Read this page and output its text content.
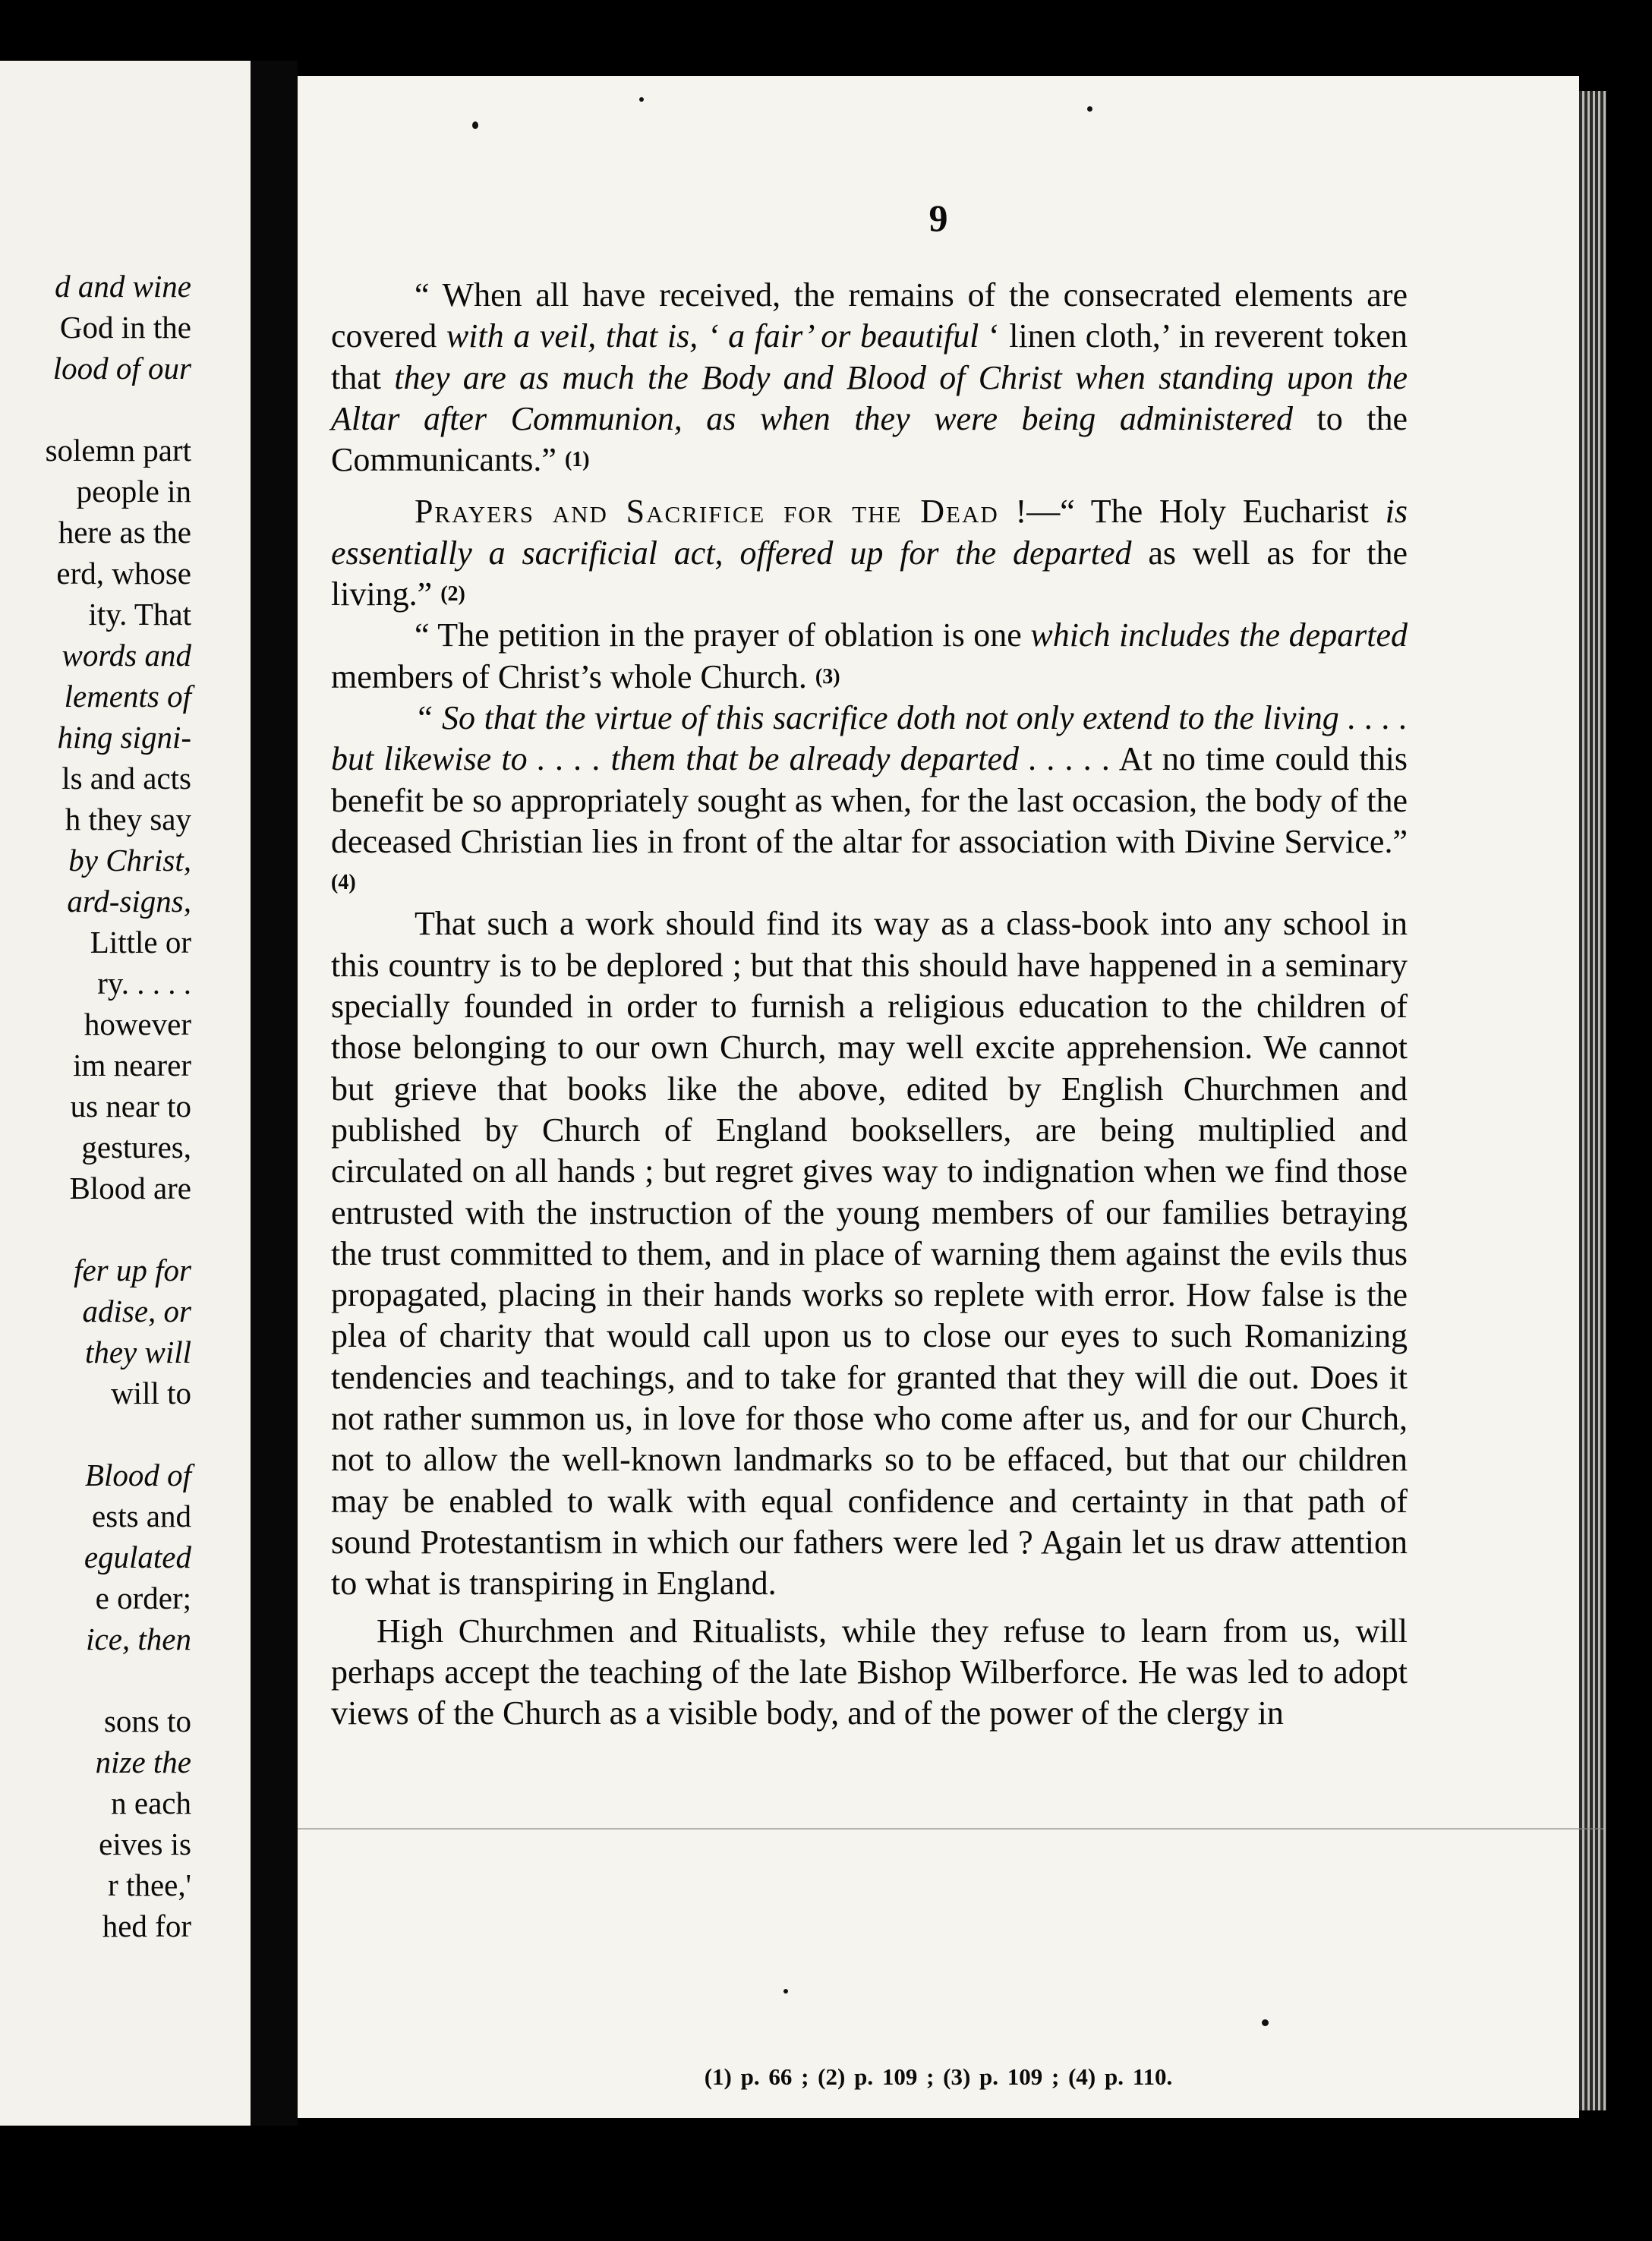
d and wine
God in the
lood of our
solemn part
people in
here as the
erd, whose
ity. That
words and
lements of
hing signi-
ls and acts
h they say
by Christ,
ard-signs,
Little or
ry. . . . .
however
im nearer
us near to
gestures,
Blood are
fer up for
adise, or
they will
will to
Blood of
ests and
egulated
e order;
ice, then
sons to
nize the
n each
eives is
r thee,'
hed for
9

“ When all have received, the remains of the consecrated elements are covered with a veil, that is, ‘ a fair’ or beautiful ‘ linen cloth,’ in reverent token that they are as much the Body and Blood of Christ when standing upon the Altar after Communion, as when they were being administered to the Communicants.” (1)

Prayers and Sacrifice for the Dead !—“ The Holy Eucharist is essentially a sacrificial act, offered up for the departed as well as for the living.” (2)

“ The petition in the prayer of oblation is one which includes the departed members of Christ’s whole Church. (3)

“ So that the virtue of this sacrifice doth not only extend to the living . . . . but likewise to . . . . them that be already departed . . . . . At no time could this benefit be so appropriately sought as when, for the last occasion, the body of the deceased Christian lies in front of the altar for association with Divine Service.” (4)

That such a work should find its way as a class-book into any school in this country is to be deplored ; but that this should have happened in a seminary specially founded in order to furnish a religious education to the children of those belonging to our own Church, may well excite apprehension. We cannot but grieve that books like the above, edited by English Churchmen and published by Church of England booksellers, are being multiplied and circulated on all hands ; but regret gives way to indignation when we find those entrusted with the instruction of the young members of our families betraying the trust committed to them, and in place of warning them against the evils thus propagated, placing in their hands works so replete with error. How false is the plea of charity that would call upon us to close our eyes to such Romanizing tendencies and teachings, and to take for granted that they will die out. Does it not rather summon us, in love for those who come after us, and for our Church, not to allow the well-known landmarks so to be effaced, but that our children may be enabled to walk with equal confidence and certainty in that path of sound Protestantism in which our fathers were led ? Again let us draw attention to what is transpiring in England.

High Churchmen and Ritualists, while they refuse to learn from us, will perhaps accept the teaching of the late Bishop Wilberforce. He was led to adopt views of the Church as a visible body, and of the power of the clergy in

(1) p. 66 ; (2) p. 109 ; (3) p. 109 ; (4) p. 110.
